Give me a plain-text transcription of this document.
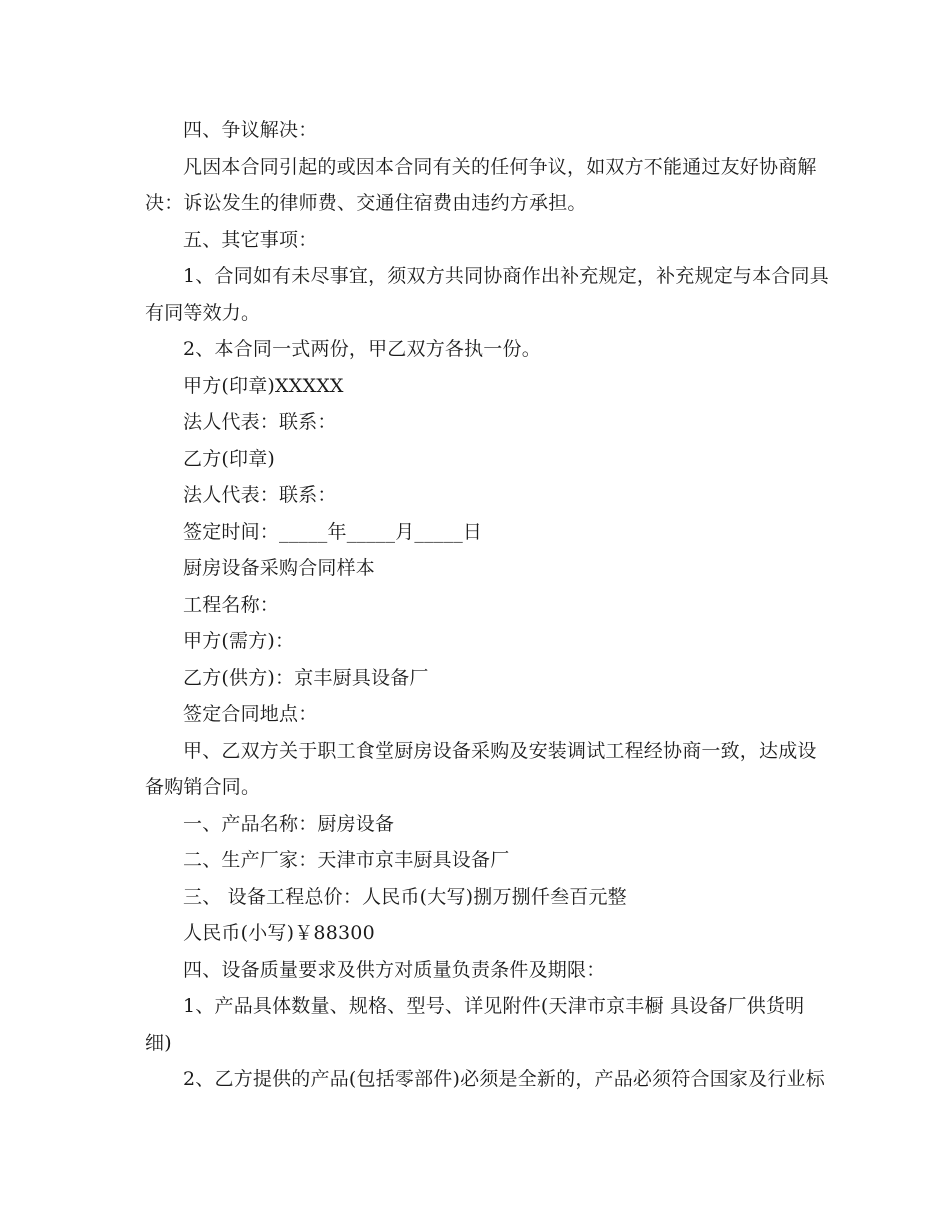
四、争议解决：
凡因本合同引起的或因本合同有关的任何争议，如双方不能通过友好协商解
决：诉讼发生的律师费、交通住宿费由违约方承担。
五、其它事项：
1、合同如有未尽事宜，须双方共同协商作出补充规定，补充规定与本合同具
有同等效力。
2、本合同一式两份，甲乙双方各执一份。
甲方(印章)XXXXX
法人代表：联系：
乙方(印章)
法人代表：联系：
签定时间：_____年_____月_____日
厨房设备采购合同样本
工程名称：
甲方(需方)：
乙方(供方)：京丰厨具设备厂
签定合同地点：
甲、乙双方关于职工食堂厨房设备采购及安装调试工程经协商一致，达成设
备购销合同。
一、产品名称：厨房设备
二、生产厂家：天津市京丰厨具设备厂
三、 设备工程总价：人民币(大写)捌万捌仟叁百元整
人民币(小写)￥88300
四、设备质量要求及供方对质量负责条件及期限：
1、产品具体数量、规格、型号、详见附件(天津市京丰橱 具设备厂供货明
细)
2、乙方提供的产品(包括零部件)必须是全新的，产品必须符合国家及行业标
